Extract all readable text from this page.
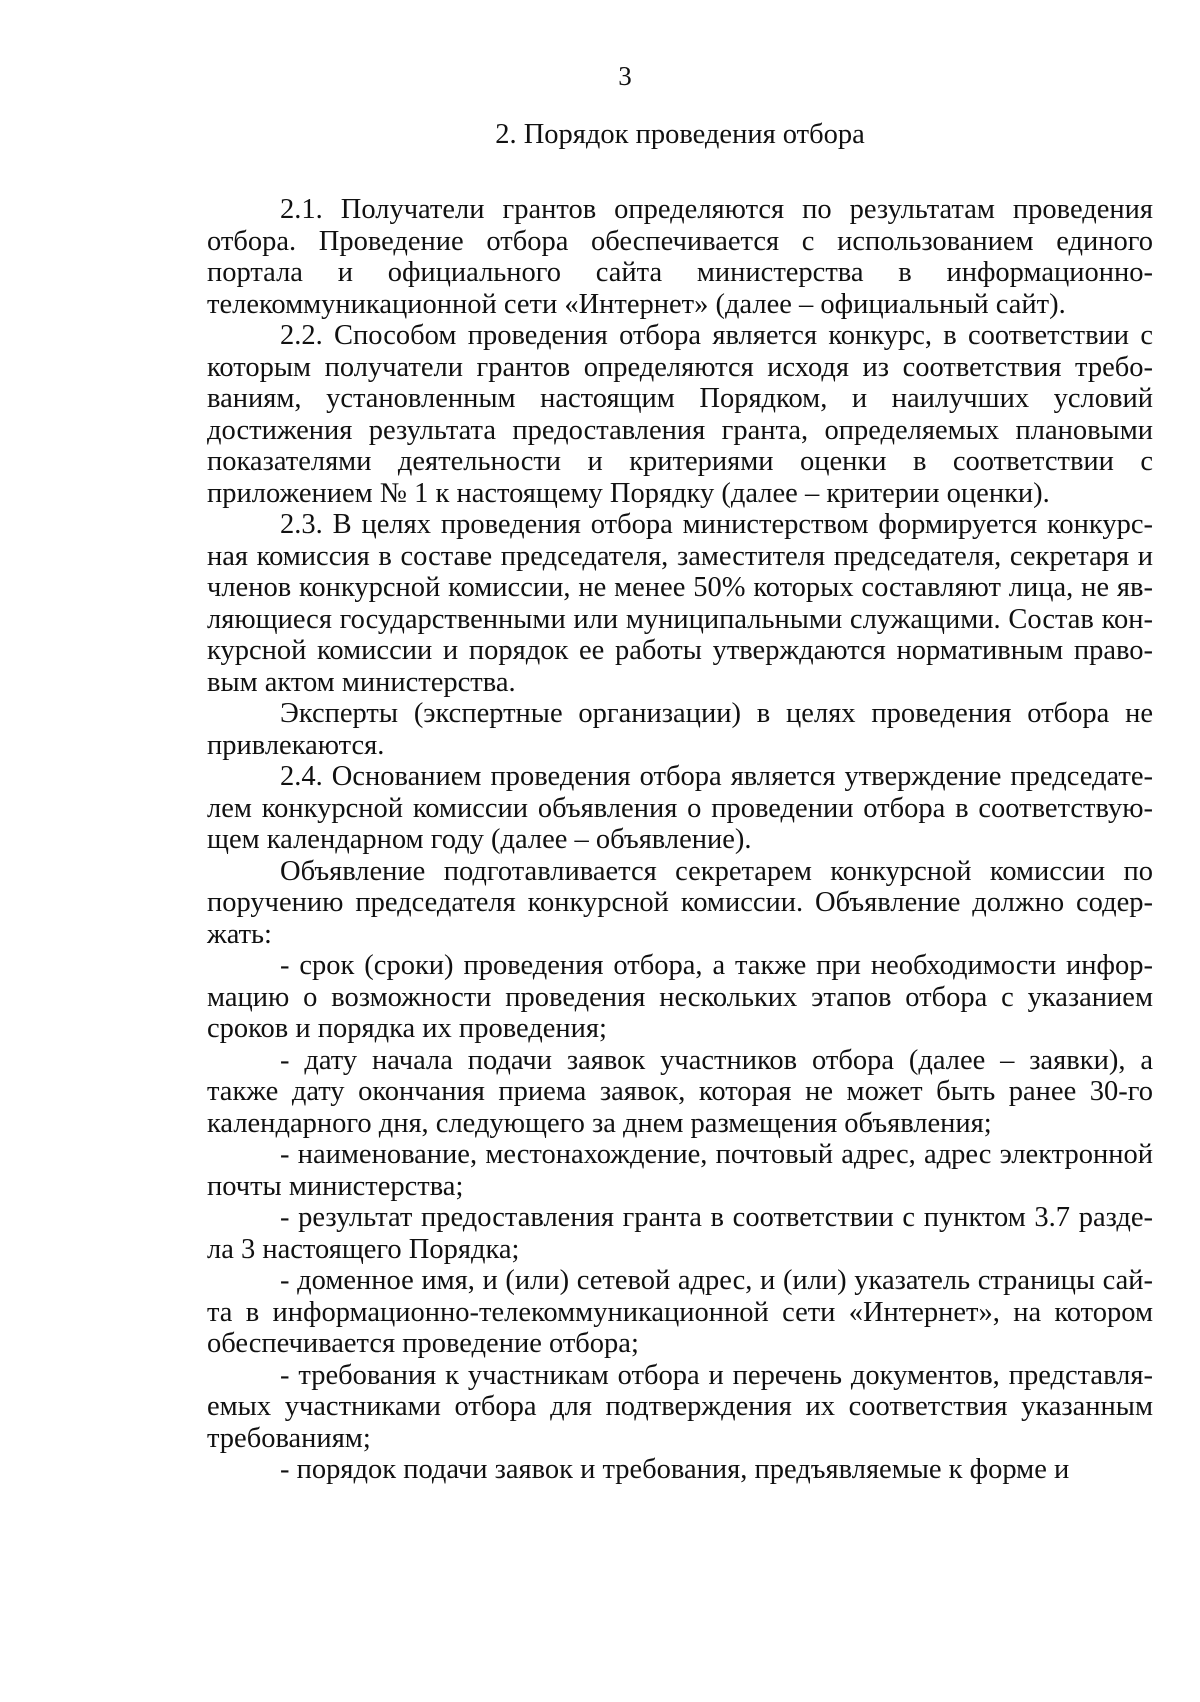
3
2. Порядок проведения отбора

2.1. Получатели грантов определяются по результатам проведения отбора. Проведение отбора обеспечивается с использованием единого портала и официального сайта министерства в информационно-телекоммуникационной сети «Интернет» (далее – официальный сайт).

2.2. Способом проведения отбора является конкурс, в соответствии с которым получатели грантов определяются исходя из соответствия требованиям, установленным настоящим Порядком, и наилучших условий достижения результата предоставления гранта, определяемых плановыми показателями деятельности и критериями оценки в соответствии с приложением № 1 к настоящему Порядку (далее – критерии оценки).

2.3. В целях проведения отбора министерством формируется конкурсная комиссия в составе председателя, заместителя председателя, секретаря и членов конкурсной комиссии, не менее 50% которых составляют лица, не являющиеся государственными или муниципальными служащими. Состав конкурсной комиссии и порядок ее работы утверждаются нормативным правовым актом министерства.

Эксперты (экспертные организации) в целях проведения отбора не привлекаются.

2.4. Основанием проведения отбора является утверждение председателем конкурсной комиссии объявления о проведении отбора в соответствующем календарном году (далее – объявление).

Объявление подготавливается секретарем конкурсной комиссии по поручению председателя конкурсной комиссии. Объявление должно содержать:

- срок (сроки) проведения отбора, а также при необходимости информацию о возможности проведения нескольких этапов отбора с указанием сроков и порядка их проведения;

- дату начала подачи заявок участников отбора (далее – заявки), а также дату окончания приема заявок, которая не может быть ранее 30-го календарного дня, следующего за днем размещения объявления;

- наименование, местонахождение, почтовый адрес, адрес электронной почты министерства;

- результат предоставления гранта в соответствии с пунктом 3.7 раздела 3 настоящего Порядка;

- доменное имя, и (или) сетевой адрес, и (или) указатель страницы сайта в информационно-телекоммуникационной сети «Интернет», на котором обеспечивается проведение отбора;

- требования к участникам отбора и перечень документов, представляемых участниками отбора для подтверждения их соответствия указанным требованиям;

- порядок подачи заявок и требования, предъявляемые к форме и
